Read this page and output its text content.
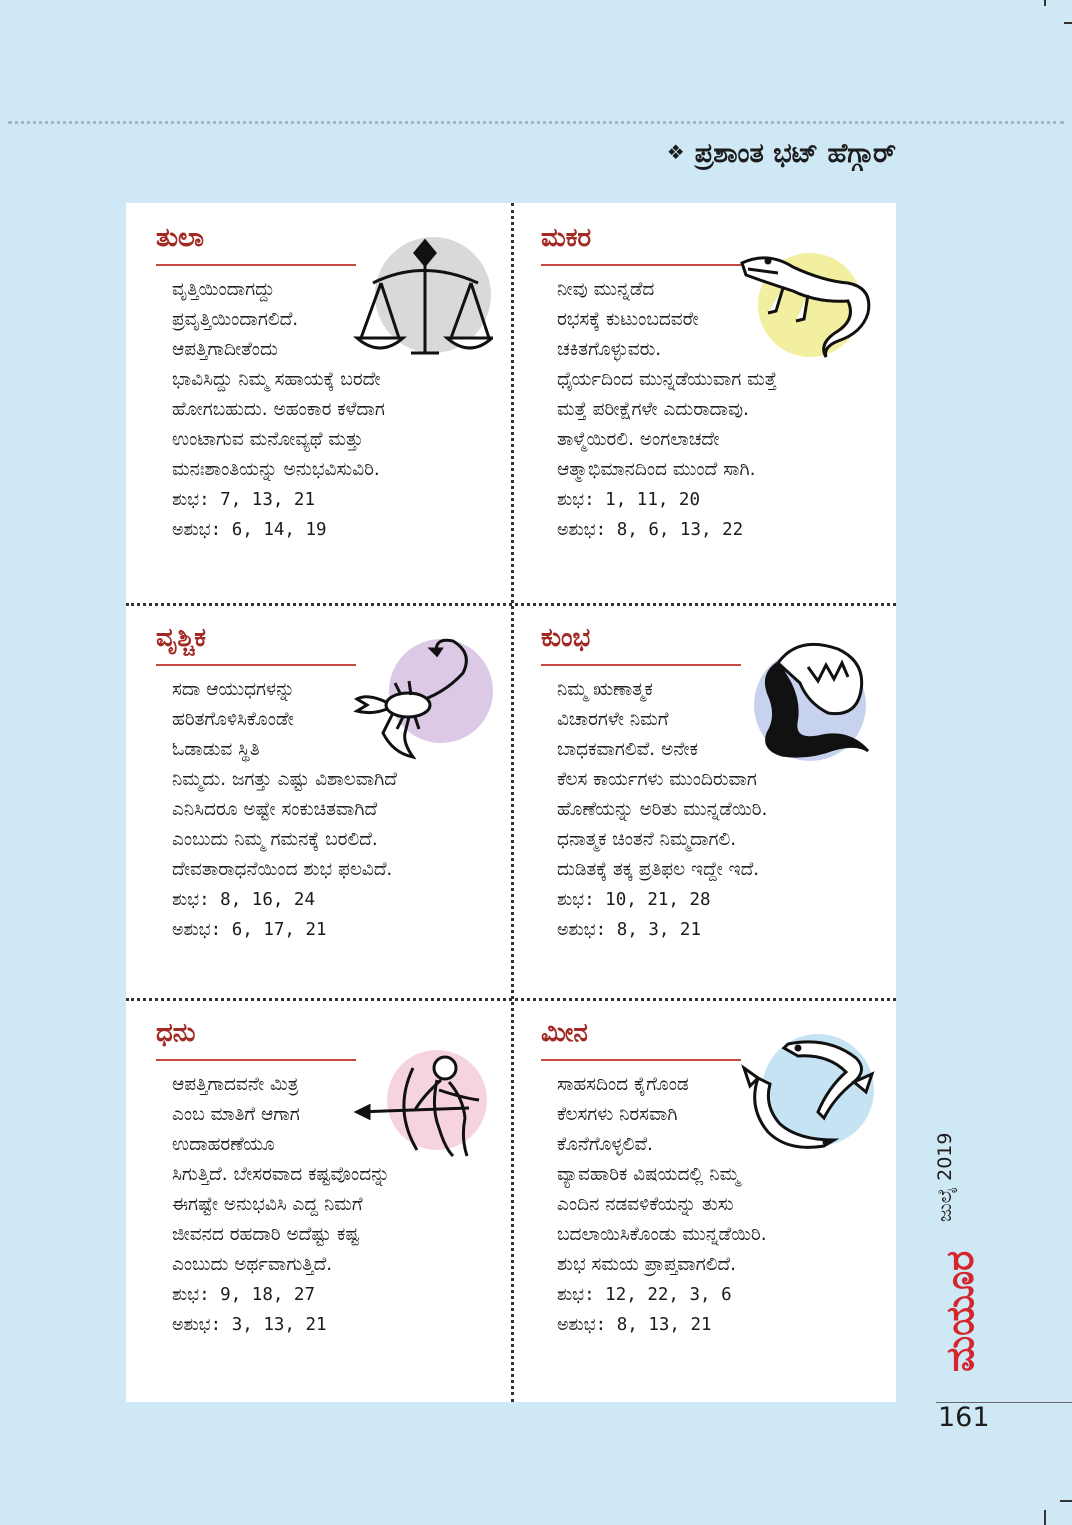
❖ ಪ್ರಶಾಂತ ಭಟ್ ಹೆಗ್ಗಾರ್
ತುಲಾ

ವೃತ್ತಿಯಿಂದಾಗದ್ದು

ಪ್ರವೃತ್ತಿಯಿಂದಾಗಲಿದೆ.

ಆಪತ್ತಿಗಾದೀತೆಂದು

ಭಾವಿಸಿದ್ದು ನಿಮ್ಮ ಸಹಾಯಕ್ಕೆ ಬರದೇ

ಹೋಗಬಹುದು. ಅಹಂಕಾರ ಕಳೆದಾಗ

ಉಂಟಾಗುವ ಮನೋವ್ಯಥೆ ಮತ್ತು

ಮನಃಶಾಂತಿಯನ್ನು ಅನುಭವಿಸುವಿರಿ.

ಶುಭ: 7, 13, 21

ಅಶುಭ: 6, 14, 19

ಮಕರ

ನೀವು ಮುನ್ನಡೆದ

ರಭಸಕ್ಕೆ ಕುಟುಂಬದವರೇ

ಚಕಿತಗೊಳ್ಳುವರು.

ಧೈರ್ಯದಿಂದ ಮುನ್ನಡೆಯುವಾಗ ಮತ್ತೆ

ಮತ್ತೆ ಪರೀಕ್ಷೆಗಳೇ ಎದುರಾದಾವು.

ತಾಳ್ಮೆಯಿರಲಿ. ಅಂಗಲಾಚದೇ

ಆತ್ಮಾಭಿಮಾನದಿಂದ ಮುಂದೆ ಸಾಗಿ.

ಶುಭ: 1, 11, 20

ಅಶುಭ: 8, 6, 13, 22

ವೃಶ್ಚಿಕ

ಸದಾ ಆಯುಧಗಳನ್ನು

ಹರಿತಗೊಳಿಸಿಕೊಂಡೇ

ಓಡಾಡುವ ಸ್ಥಿತಿ

ನಿಮ್ಮದು. ಜಗತ್ತು ಎಷ್ಟು ವಿಶಾಲವಾಗಿದೆ

ಎನಿಸಿದರೂ ಅಷ್ಟೇ ಸಂಕುಚಿತವಾಗಿದೆ

ಎಂಬುದು ನಿಮ್ಮ ಗಮನಕ್ಕೆ ಬರಲಿದೆ.

ದೇವತಾರಾಧನೆಯಿಂದ ಶುಭ ಫಲವಿದೆ.

ಶುಭ: 8, 16, 24

ಅಶುಭ: 6, 17, 21

ಕುಂಭ

ನಿಮ್ಮ ಋಣಾತ್ಮಕ

ವಿಚಾರಗಳೇ ನಿಮಗೆ

ಬಾಧಕವಾಗಲಿವೆ. ಅನೇಕ

ಕೆಲಸ ಕಾರ್ಯಗಳು ಮುಂದಿರುವಾಗ

ಹೊಣೆಯನ್ನು ಅರಿತು ಮುನ್ನಡೆಯಿರಿ.

ಧನಾತ್ಮಕ ಚಿಂತನೆ ನಿಮ್ಮದಾಗಲಿ.

ದುಡಿತಕ್ಕೆ ತಕ್ಕ ಪ್ರತಿಫಲ ಇದ್ದೇ ಇದೆ.

ಶುಭ: 10, 21, 28

ಅಶುಭ: 8, 3, 21

ಧನು

ಆಪತ್ತಿಗಾದವನೇ ಮಿತ್ರ

ಎಂಬ ಮಾತಿಗೆ ಆಗಾಗ

ಉದಾಹರಣೆಯೂ

ಸಿಗುತ್ತಿದೆ. ಬೇಸರವಾದ ಕಷ್ಟವೊಂದನ್ನು

ಈಗಷ್ಟೇ ಅನುಭವಿಸಿ ಎದ್ದ ನಿಮಗೆ

ಜೀವನದ ರಹದಾರಿ ಅದೆಷ್ಟು ಕಷ್ಟ

ಎಂಬುದು ಅರ್ಥವಾಗುತ್ತಿದೆ.

ಶುಭ: 9, 18, 27

ಅಶುಭ: 3, 13, 21

ಮೀನ

ಸಾಹಸದಿಂದ ಕೈಗೊಂಡ

ಕೆಲಸಗಳು ನಿರಸವಾಗಿ

ಕೊನೆಗೊಳ್ಳಲಿವೆ.

ವ್ಯಾವಹಾರಿಕ ವಿಷಯದಲ್ಲಿ ನಿಮ್ಮ

ಎಂದಿನ ನಡವಳಿಕೆಯನ್ನು ತುಸು

ಬದಲಾಯಿಸಿಕೊಂಡು ಮುನ್ನಡೆಯಿರಿ.

ಶುಭ ಸಮಯ ಪ್ರಾಪ್ತವಾಗಲಿದೆ.

ಶುಭ: 12, 22, 3, 6

ಅಶುಭ: 8, 13, 21

ಜುಲೈ 2019
ಮಯೂರ
161
